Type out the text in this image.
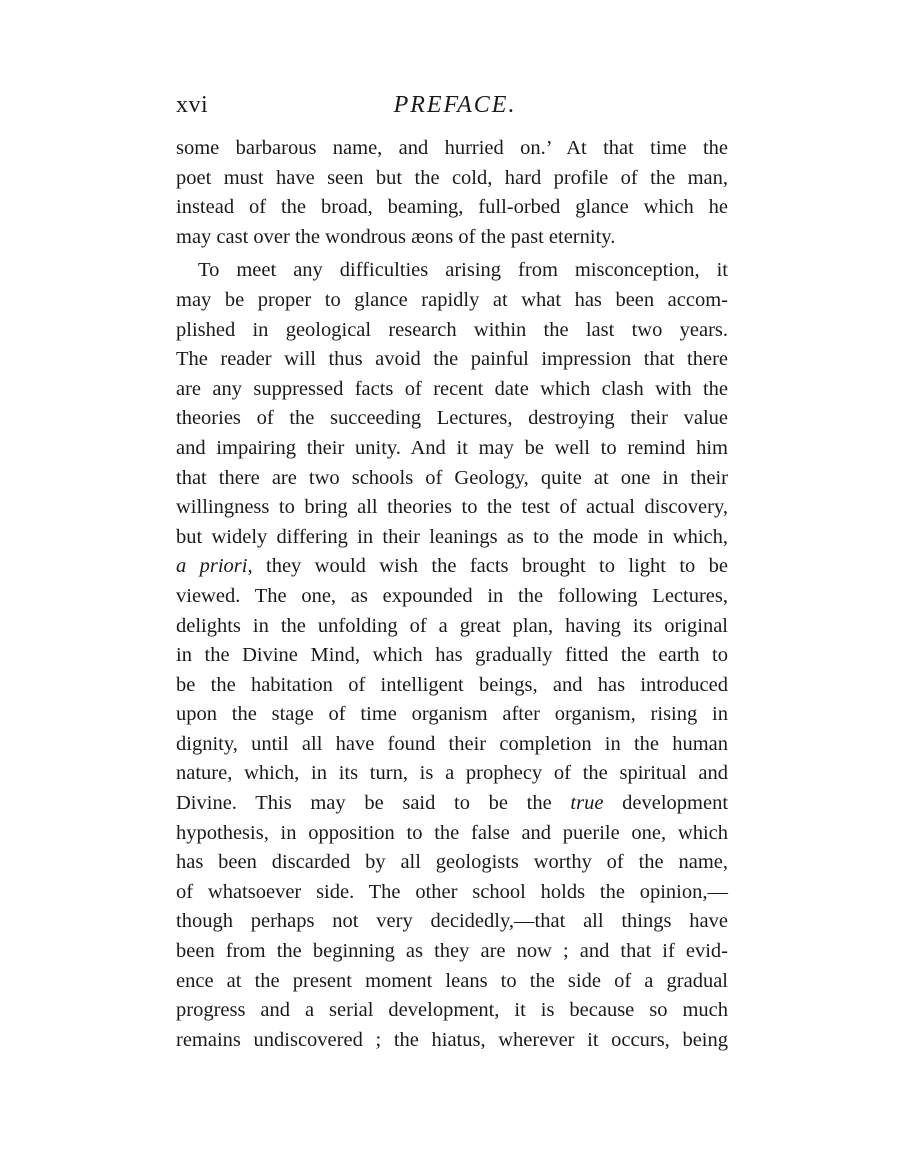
xvi	PREFACE.
some barbarous name, and hurried on.’ At that time the
poet must have seen but the cold, hard profile of the man,
instead of the broad, beaming, full-orbed glance which he
may cast over the wondrous æons of the past eternity.
To meet any difficulties arising from misconception, it
may be proper to glance rapidly at what has been accom-
plished in geological research within the last two years.
The reader will thus avoid the painful impression that there
are any suppressed facts of recent date which clash with the
theories of the succeeding Lectures, destroying their value
and impairing their unity. And it may be well to remind him
that there are two schools of Geology, quite at one in their
willingness to bring all theories to the test of actual discovery,
but widely differing in their leanings as to the mode in which,
a priori, they would wish the facts brought to light to be
viewed. The one, as expounded in the following Lectures,
delights in the unfolding of a great plan, having its original
in the Divine Mind, which has gradually fitted the earth to
be the habitation of intelligent beings, and has introduced
upon the stage of time organism after organism, rising in
dignity, until all have found their completion in the human
nature, which, in its turn, is a prophecy of the spiritual and
Divine. This may be said to be the true development
hypothesis, in opposition to the false and puerile one, which
has been discarded by all geologists worthy of the name,
of whatsoever side. The other school holds the opinion,—
though perhaps not very decidedly,—that all things have
been from the beginning as they are now ; and that if evid-
ence at the present moment leans to the side of a gradual
progress and a serial development, it is because so much
remains undiscovered ; the hiatus, wherever it occurs, being
